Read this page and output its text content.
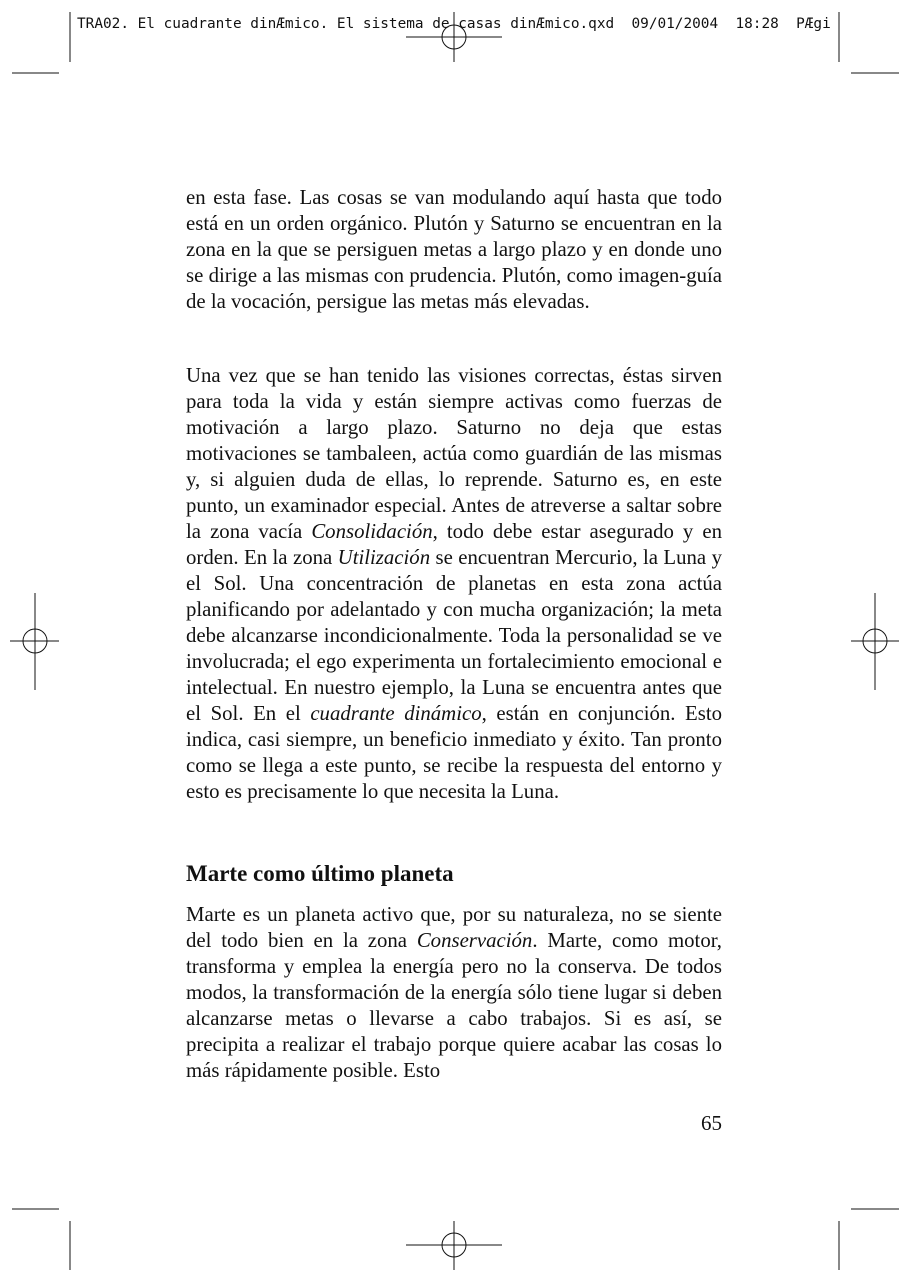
TRA02. El cuadrante dinÆmico. El sistema de casas dinÆmico.qxd  09/01/2004  18:28  PÆgi

en esta fase. Las cosas se van modulando aquí hasta que todo está en un orden orgánico. Plutón y Saturno se encuentran en la zona en la que se persiguen metas a largo plazo y en donde uno se dirige a las mismas con prudencia. Plutón, como imagen-guía de la vocación, persigue las metas más elevadas.

Una vez que se han tenido las visiones correctas, éstas sirven para toda la vida y están siempre activas como fuerzas de motivación a largo plazo. Saturno no deja que estas motivaciones se tambaleen, actúa como guardián de las mismas y, si alguien duda de ellas, lo reprende. Saturno es, en este punto, un examinador especial. Antes de atreverse a saltar sobre la zona vacía Consolidación, todo debe estar asegurado y en orden. En la zona Utilización se encuentran Mercurio, la Luna y el Sol. Una concentración de planetas en esta zona actúa planificando por adelantado y con mucha organización; la meta debe alcanzarse incondicionalmente. Toda la personalidad se ve involucrada; el ego experimenta un fortalecimiento emocional e intelectual. En nuestro ejemplo, la Luna se encuentra antes que el Sol. En el cuadrante dinámico, están en conjunción. Esto indica, casi siempre, un beneficio inmediato y éxito. Tan pronto como se llega a este punto, se recibe la respuesta del entorno y esto es precisamente lo que necesita la Luna.

Marte como último planeta

Marte es un planeta activo que, por su naturaleza, no se siente del todo bien en la zona Conservación. Marte, como motor, transforma y emplea la energía pero no la conserva. De todos modos, la transformación de la energía sólo tiene lugar si deben alcanzarse metas o llevarse a cabo trabajos. Si es así, se precipita a realizar el trabajo porque quiere acabar las cosas lo más rápidamente posible. Esto

65
